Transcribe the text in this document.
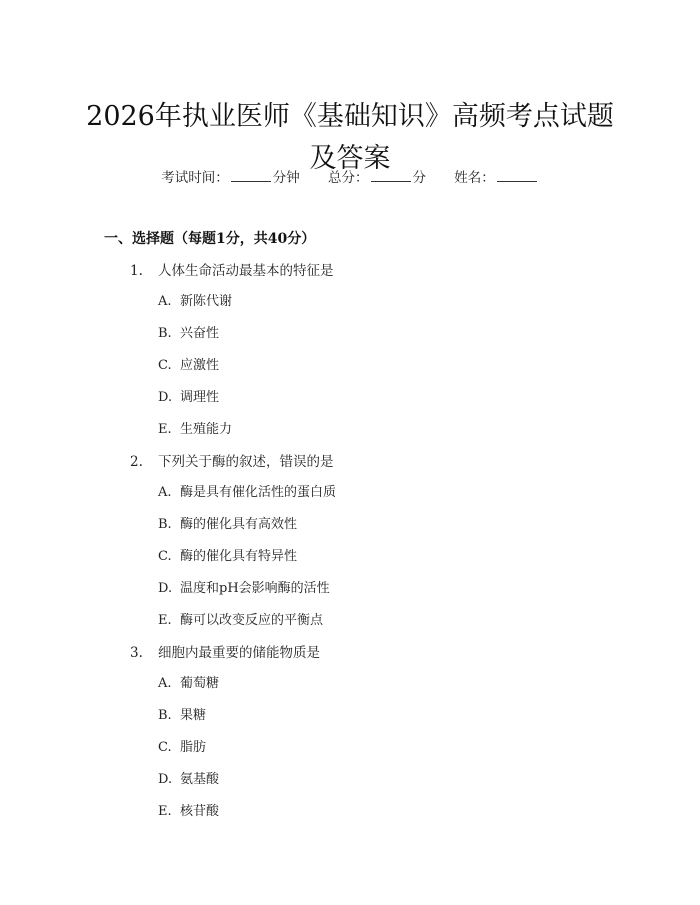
2026年执业医师《基础知识》高频考点试题
及答案
考试时间：	分钟 总分：	分 姓名：
一、选择题（每题1分，共40分）
1. 人体生命活动最基本的特征是
A. 新陈代谢
B. 兴奋性
C. 应激性
D. 调理性
E. 生殖能力
2. 下列关于酶的叙述，错误的是
A. 酶是具有催化活性的蛋白质
B. 酶的催化具有高效性
C. 酶的催化具有特异性
D. 温度和pH会影响酶的活性
E. 酶可以改变反应的平衡点
3. 细胞内最重要的储能物质是
A. 葡萄糖
B. 果糖
C. 脂肪
D. 氨基酸
E. 核苷酸
